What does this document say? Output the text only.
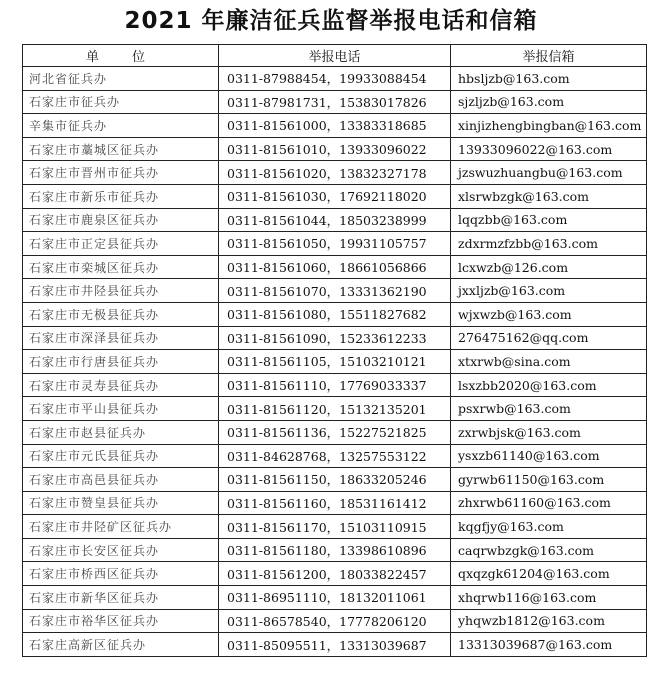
2021 年廉洁征兵监督举报电话和信箱
单　位	举报电话	举报信箱
河北省征兵办	0311-87988454，19933088454	hbsljzb@163.com
石家庄市征兵办	0311-87981731，15383017826	sjzljzb@163.com
辛集市征兵办	0311-81561000，13383318685	xinjizhengbingban@163.com
石家庄市藁城区征兵办	0311-81561010，13933096022	13933096022@163.com
石家庄市晋州市征兵办	0311-81561020，13832327178	jzswuzhuangbu@163.com
石家庄市新乐市征兵办	0311-81561030，17692118020	xlsrwbzgk@163.com
石家庄市鹿泉区征兵办	0311-81561044，18503238999	lqqzbb@163.com
石家庄市正定县征兵办	0311-81561050，19931105757	zdxrmzfzbb@163.com
石家庄市栾城区征兵办	0311-81561060，18661056866	lcxwzb@126.com
石家庄市井陉县征兵办	0311-81561070，13331362190	jxxljzb@163.com
石家庄市无极县征兵办	0311-81561080，15511827682	wjxwzb@163.com
石家庄市深泽县征兵办	0311-81561090，15233612233	276475162@qq.com
石家庄市行唐县征兵办	0311-81561105，15103210121	xtxrwb@sina.com
石家庄市灵寿县征兵办	0311-81561110，17769033337	lsxzbb2020@163.com
石家庄市平山县征兵办	0311-81561120，15132135201	psxrwb@163.com
石家庄市赵县征兵办	0311-81561136，15227521825	zxrwbjsk@163.com
石家庄市元氏县征兵办	0311-84628768，13257553122	ysxzb61140@163.com
石家庄市高邑县征兵办	0311-81561150，18633205246	gyrwb61150@163.com
石家庄市赞皇县征兵办	0311-81561160，18531161412	zhxrwb61160@163.com
石家庄市井陉矿区征兵办	0311-81561170，15103110915	kqgfjy@163.com
石家庄市长安区征兵办	0311-81561180，13398610896	caqrwbzgk@163.com
石家庄市桥西区征兵办	0311-81561200，18033822457	qxqzgk61204@163.com
石家庄市新华区征兵办	0311-86951110，18132011061	xhqrwb116@163.com
石家庄市裕华区征兵办	0311-86578540，17778206120	yhqwzb1812@163.com
石家庄高新区征兵办	0311-85095511，13313039687	13313039687@163.com
